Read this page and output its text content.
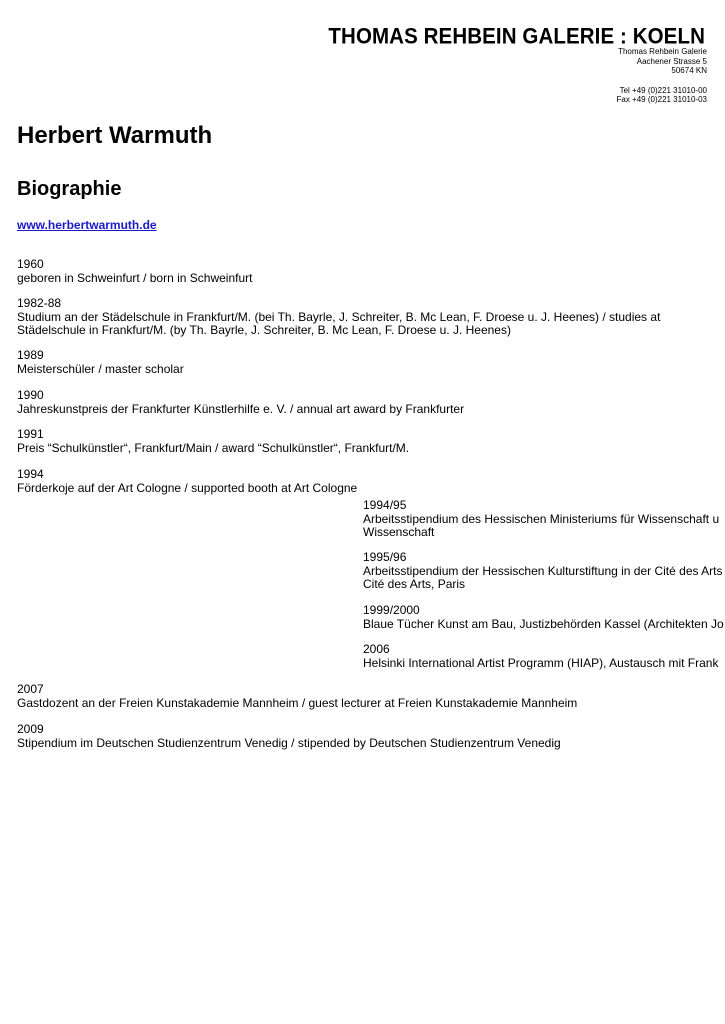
THOMAS REHBEIN GALERIE : KOELN
Thomas Rehbein Galerie
Aachener Strasse 5
50674 KN
Tel +49 (0)221 31010-00
Fax +49 (0)221 31010-03
Herbert Warmuth
Biographie
www.herbertwarmuth.de
1960
geboren in Schweinfurt / born in Schweinfurt
1982-88
Studium an der Städelschule in Frankfurt/M. (bei Th. Bayrle, J. Schreiter, B. Mc Lean, F. Droese u. J. Heenes) / studies at
Städelschule in Frankfurt/M. (by Th. Bayrle, J. Schreiter, B. Mc Lean, F. Droese u. J. Heenes)
1989
Meisterschüler / master scholar
1990
Jahreskunstpreis der Frankfurter Künstlerhilfe e. V. / annual art award by Frankfurter
1991
Preis “Schulkünstler“, Frankfurt/Main / award “Schulkünstler“, Frankfurt/M.
1994
Förderkoje auf der Art Cologne / supported booth at Art Cologne
1994/95
Arbeitsstipendium des Hessischen Ministeriums für Wissenschaft u
Wissenschaft
1995/96
Arbeitsstipendium der Hessischen Kulturstiftung in der Cité des Arts
Cité des Arts, Paris
1999/2000
Blaue Tücher Kunst am Bau, Justizbehörden Kassel (Architekten Jo
2006
Helsinki International Artist Programm (HIAP), Austausch mit Frank
2007
Gastdozent an der Freien Kunstakademie Mannheim / guest lecturer at Freien Kunstakademie Mannheim
2009
Stipendium im Deutschen Studienzentrum Venedig / stipended by Deutschen Studienzentrum Venedig
